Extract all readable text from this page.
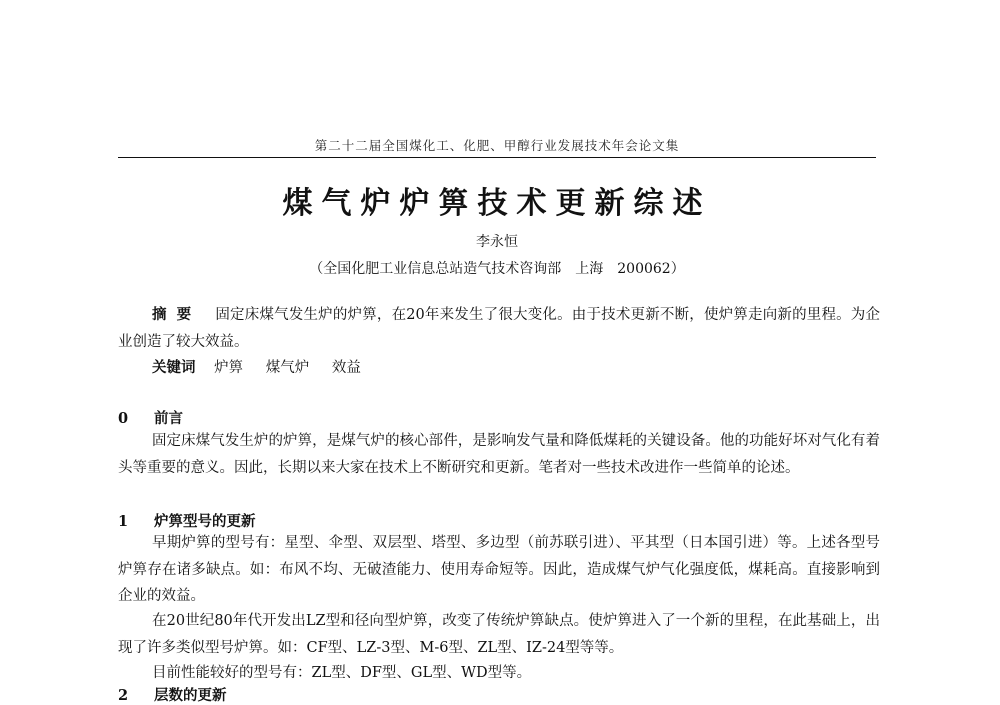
第二十二届全国煤化工、化肥、甲醇行业发展技术年会论文集
煤气炉炉箅技术更新综述
李永恒
（全国化肥工业信息总站造气技术咨询部　上海　200062）
摘要 固定床煤气发生炉的炉箅，在20年来发生了很大变化。由于技术更新不断，使炉箅走向新的里程。为企业创造了较大效益。
关键词 炉箅 煤气炉 效益
0 前言
固定床煤气发生炉的炉箅，是煤气炉的核心部件，是影响发气量和降低煤耗的关键设备。他的功能好坏对气化有着头等重要的意义。因此，长期以来大家在技术上不断研究和更新。笔者对一些技术改进作一些简单的论述。
1 炉箅型号的更新
早期炉箅的型号有：星型、伞型、双层型、塔型、多边型（前苏联引进）、平其型（日本国引进）等。上述各型号炉箅存在诸多缺点。如：布风不均、无破渣能力、使用寿命短等。因此，造成煤气炉气化强度低，煤耗高。直接影响到企业的效益。
在20世纪80年代开发出LZ型和径向型炉箅，改变了传统炉箅缺点。使炉箅进入了一个新的里程，在此基础上，出现了许多类似型号炉箅。如：CF型、LZ-3型、M-6型、ZL型、IZ-24型等等。
目前性能较好的型号有：ZL型、DF型、GL型、WD型等。
2 层数的更新
